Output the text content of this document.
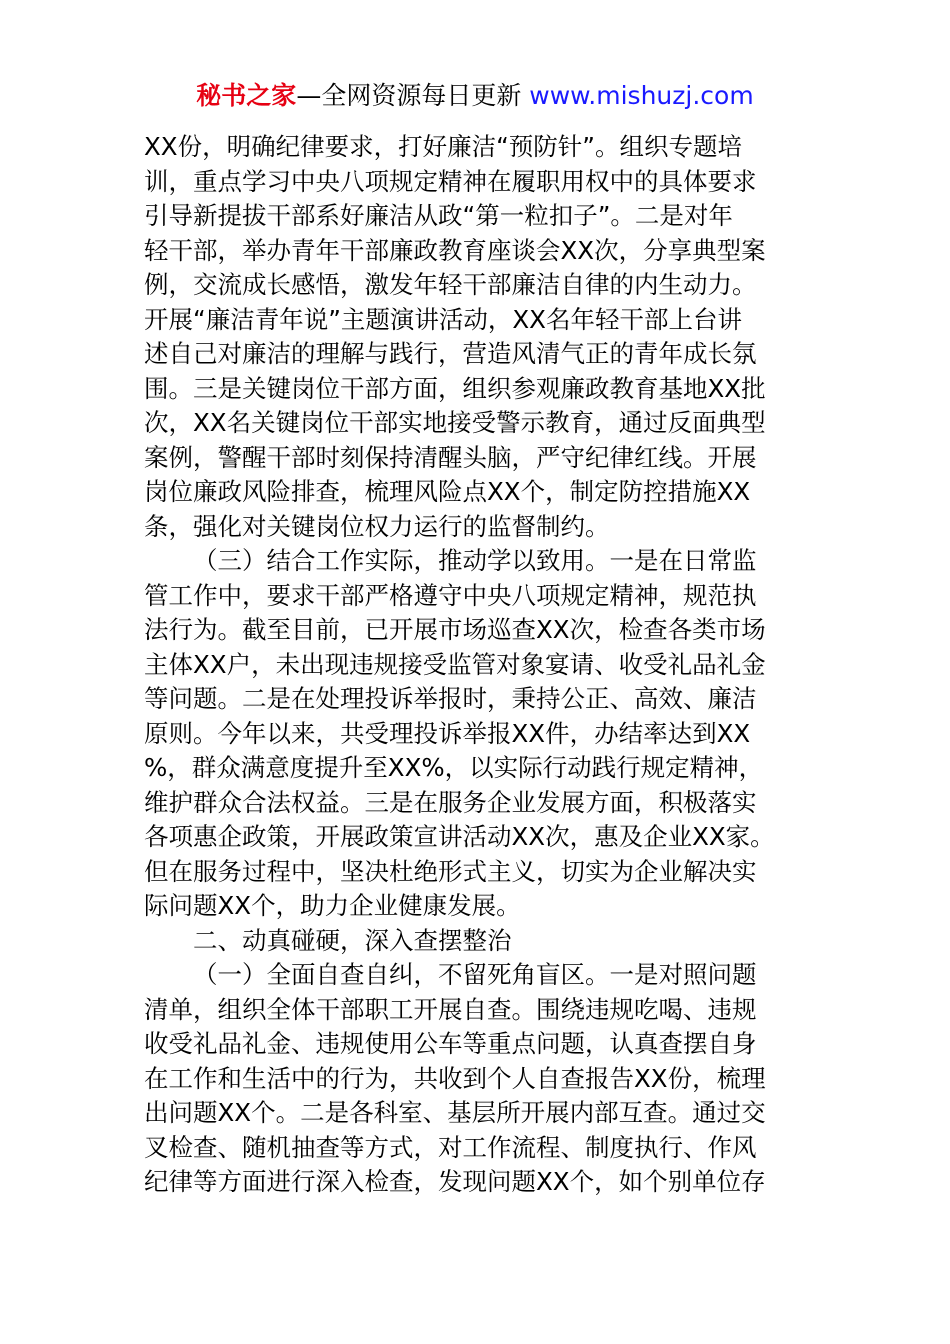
秘书之家—全网资源每日更新 www.mishuzj.com
XX份，明确纪律要求，打好廉洁“预防针”。组织专题培
训，重点学习中央八项规定精神在履职用权中的具体要求
引导新提拔干部系好廉洁从政“第一粒扣子”。二是对年
轻干部，举办青年干部廉政教育座谈会XX次，分享典型案
例，交流成长感悟，激发年轻干部廉洁自律的内生动力。
开展“廉洁青年说”主题演讲活动，XX名年轻干部上台讲
述自己对廉洁的理解与践行，营造风清气正的青年成长氛
围。三是关键岗位干部方面，组织参观廉政教育基地XX批
次，XX名关键岗位干部实地接受警示教育，通过反面典型
案例，警醒干部时刻保持清醒头脑，严守纪律红线。开展
岗位廉政风险排查，梳理风险点XX个，制定防控措施XX
条，强化对关键岗位权力运行的监督制约。
（三）结合工作实际，推动学以致用。一是在日常监
管工作中，要求干部严格遵守中央八项规定精神，规范执
法行为。截至目前，已开展市场巡查XX次，检查各类市场
主体XX户，未出现违规接受监管对象宴请、收受礼品礼金
等问题。二是在处理投诉举报时，秉持公正、高效、廉洁
原则。今年以来，共受理投诉举报XX件，办结率达到XX
%，群众满意度提升至XX%，以实际行动践行规定精神，
维护群众合法权益。三是在服务企业发展方面，积极落实
各项惠企政策，开展政策宣讲活动XX次，惠及企业XX家。
但在服务过程中，坚决杜绝形式主义，切实为企业解决实
际问题XX个，助力企业健康发展。
二、动真碰硬，深入查摆整治
（一）全面自查自纠，不留死角盲区。一是对照问题
清单，组织全体干部职工开展自查。围绕违规吃喝、违规
收受礼品礼金、违规使用公车等重点问题，认真查摆自身
在工作和生活中的行为，共收到个人自查报告XX份，梳理
出问题XX个。二是各科室、基层所开展内部互查。通过交
叉检查、随机抽查等方式，对工作流程、制度执行、作风
纪律等方面进行深入检查，发现问题XX个，如个别单位存
